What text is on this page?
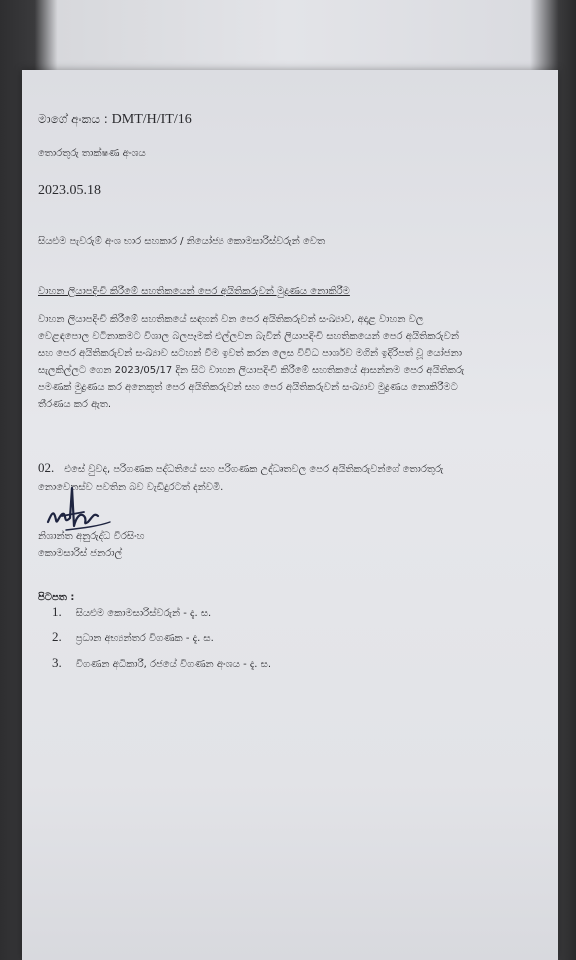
මාගේ අංකය : DMT/H/IT/16
තොරතුරු තාක්ෂණ අංශය
2023.05.18
සියළුම පැවරුම් අංශ භාර සහකාර / නියෝජ්‍ය කොමසාරිස්වරුන් වෙත
වාහන ලියාපදිංචි කිරීමේ සහතිකයෙන් පෙර අයිතිකරුවන් මුද්‍රණය නොකිරීම
වාහන ලියාපදිංචි කිරීමේ සහතිකයේ සඳහන් වන පෙර අයිතිකරුවන් සංඛ්‍යාව, අදාළ වාහන වල
වෙළඳපොල වටිනාකමට විශාල බලපෑමක් එල්ලවන බැවින් ලියාපදිංචි සහතිකයෙන් පෙර අයිතිකරුවන්
සහ පෙර අයිතිකරුවන් සංඛ්‍යාව සටහන් වීම ඉවත් කරන ලෙස විවිධ පාර්ශව මගින් ඉදිරිපත් වූ යෝජනා
සැලකිල්ලට ගෙන 2023/05/17 දින සිට වාහන ලියාපදිංචි කිරීමේ සහතිකයේ ආසන්නම පෙර අයිතිකරු
පමණක් මුද්‍රණය කර අනෙකුත් පෙර අයිතිකරුවන් සහ පෙර අයිතිකරුවන් සංඛ්‍යාව මුද්‍රණය නොකිරීමට
තීරණය කර ඇත.
02. එසේ වුවද, පරිගණක පද්ධතියේ සහ පරිගණක උද්ධෘතවල පෙර අයිතිකරුවන්ගේ තොරතුරු
නොවෙනස්ව පවතින බව වැඩිදුරටත් දන්වමි.
නිශාන්ත අනුරුද්ධ වීරසිංහ
කොමසාරිස් ජනරාල්
පිටපත :
1. සියළුම කොමසාරිස්වරුන් - දැ. ස.
2. ප්‍රධාන අභ්‍යන්තර විගණක - දැ. ස.
3. විගණන අධිකාරී, රජයේ විගණන අංශය - දැ. ස.
